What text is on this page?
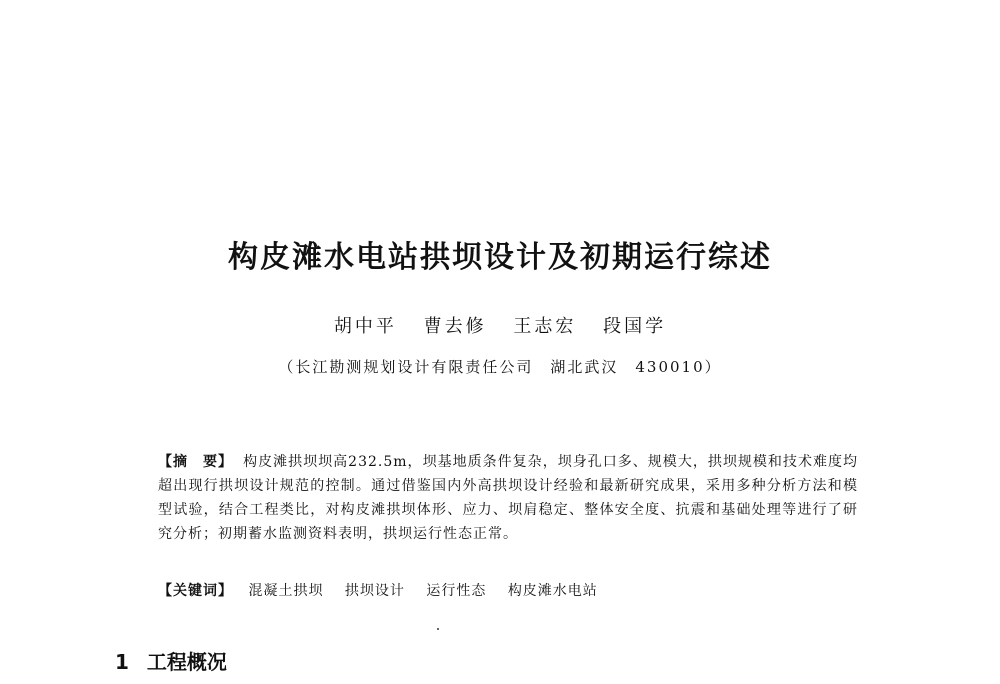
构皮滩水电站拱坝设计及初期运行综述
胡中平 曹去修 王志宏 段国学
（长江勘测规划设计有限责任公司　湖北武汉　430010）
【摘　要】 构皮滩拱坝坝高232.5m，坝基地质条件复杂，坝身孔口多、规模大，拱坝规模和技术难度均超出现行拱坝设计规范的控制。通过借鉴国内外高拱坝设计经验和最新研究成果，采用多种分析方法和模型试验，结合工程类比，对构皮滩拱坝体形、应力、坝肩稳定、整体安全度、抗震和基础处理等进行了研究分析；初期蓄水监测资料表明，拱坝运行性态正常。
【关键词】 混凝土拱坝 拱坝设计 运行性态 构皮滩水电站
1 工程概况
